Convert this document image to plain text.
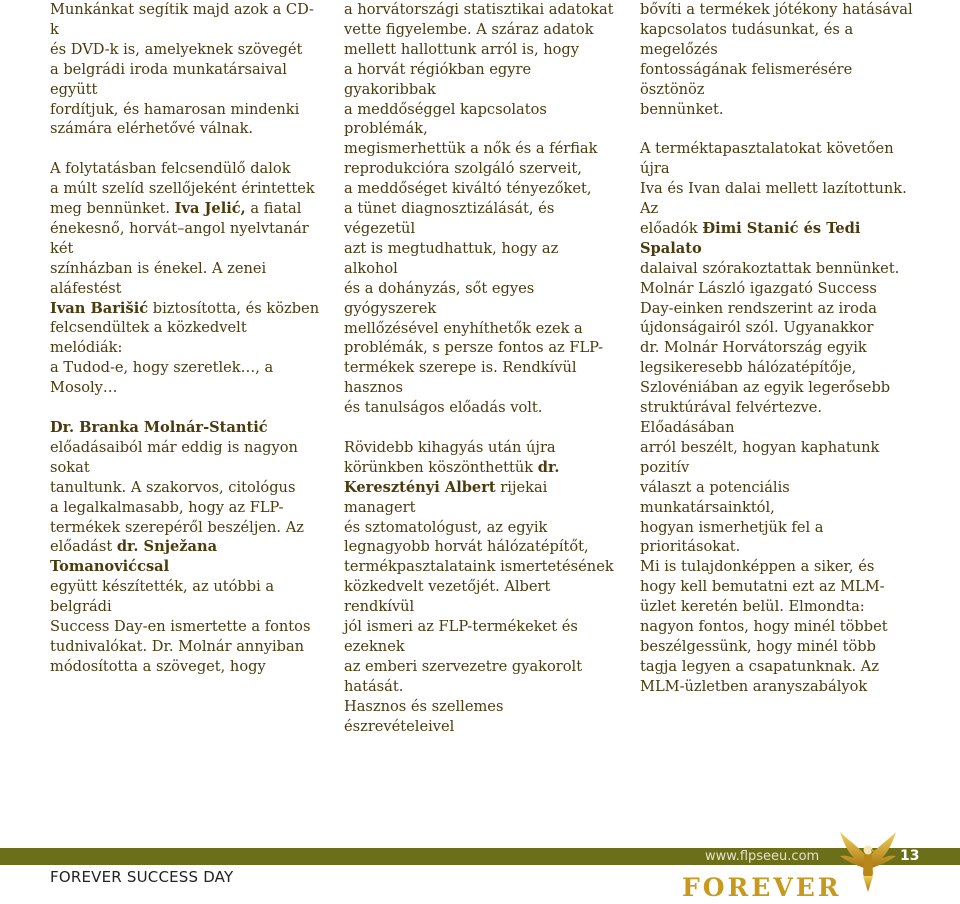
Munkánkat segítik majd azok a CD-k
és DVD-k is, amelyeknek szövegét
a belgrádi iroda munkatársaival együtt
fordítjuk, és hamarosan mindenki
számára elérhetővé válnak.

A folytatásban felcsendülő dalok
a múlt szelíd szellőjeként érintettek
meg bennünket. Iva Jelić, a fiatal
énekesnő, horvát–angol nyelvtanár két
színházban is énekel. A zenei aláfestést
Ivan Barišić biztosította, és közben
felcsendültek a közkedvelt melódiák:
a Tudod-e, hogy szeretlek…, a
Mosoly…

Dr. Branka Molnár-Stantić
előadásaiból már eddig is nagyon sokat
tanultunk. A szakorvos, citológus
a legalkalmasabb, hogy az FLP-
termékek szerepéről beszéljen. Az
előadást dr. Snježana Tomanovićcsal
együtt készítették, az utóbbi a belgrádi
Success Day-en ismertette a fontos
tudnivalókat. Dr. Molnár annyiban
módosította a szöveget, hogy

a horvátországi statisztikai adatokat
vette figyelembe. A száraz adatok
mellett hallottunk arról is, hogy
a horvát régiókban egyre gyakoribbak
a meddőséggel kapcsolatos problémák,
megismerhettük a nők és a férfiak
reprodukcióra szolgáló szerveit,
a meddőséget kiváltó tényezőket,
a tünet diagnosztizálását, és végezetül
azt is megtudhattuk, hogy az alkohol
és a dohányzás, sőt egyes gyógyszerek
mellőzésével enyhíthetők ezek a
problémák, s persze fontos az FLP-
termékek szerepe is. Rendkívül hasznos
és tanulságos előadás volt.

Rövidebb kihagyás után újra
körünkben köszönthettük dr.
Keresztényi Albert rijekai managert
és sztomatológust, az egyik
legnagyobb horvát hálózatépítőt,
termékpasztalataink ismertetésének
közkedvelt vezetőjét. Albert rendkívül
jól ismeri az FLP-termékeket és ezeknek
az emberi szervezetre gyakorolt hatását.
Hasznos és szellemes észrevételeivel

bővíti a termékek jótékony hatásával
kapcsolatos tudásunkat, és a megelőzés
fontosságának felismerésére ösztönöz
bennünket.

A terméktapasztalatokat követően újra
Iva és Ivan dalai mellett lazítottunk. Az
előadók Đimi Stanić és Tedi Spalato
dalaival szórakoztattak bennünket.
Molnár László igazgató Success
Day-einken rendszerint az iroda
újdonságairól szól. Ugyanakkor
dr. Molnár Horvátország egyik
legsikeresebb hálózatépítője,
Szlovéniában az egyik legerősebb
struktúrával felvértezve. Előadásában
arról beszélt, hogyan kaphatunk pozitív
választ a potenciális munkatársainktól,
hogyan ismerhetjük fel a prioritásokat.
Mi is tulajdonképpen a siker, és
hogy kell bemutatni ezt az MLM-
üzlet keretén belül. Elmondta:
nagyon fontos, hogy minél többet
beszélgessünk, hogy minél több
tagja legyen a csapatunknak. Az
MLM-üzletben aranyszabályok

FOREVER SUCCESS DAY
www.flpseeu.com	13
FOREVER
